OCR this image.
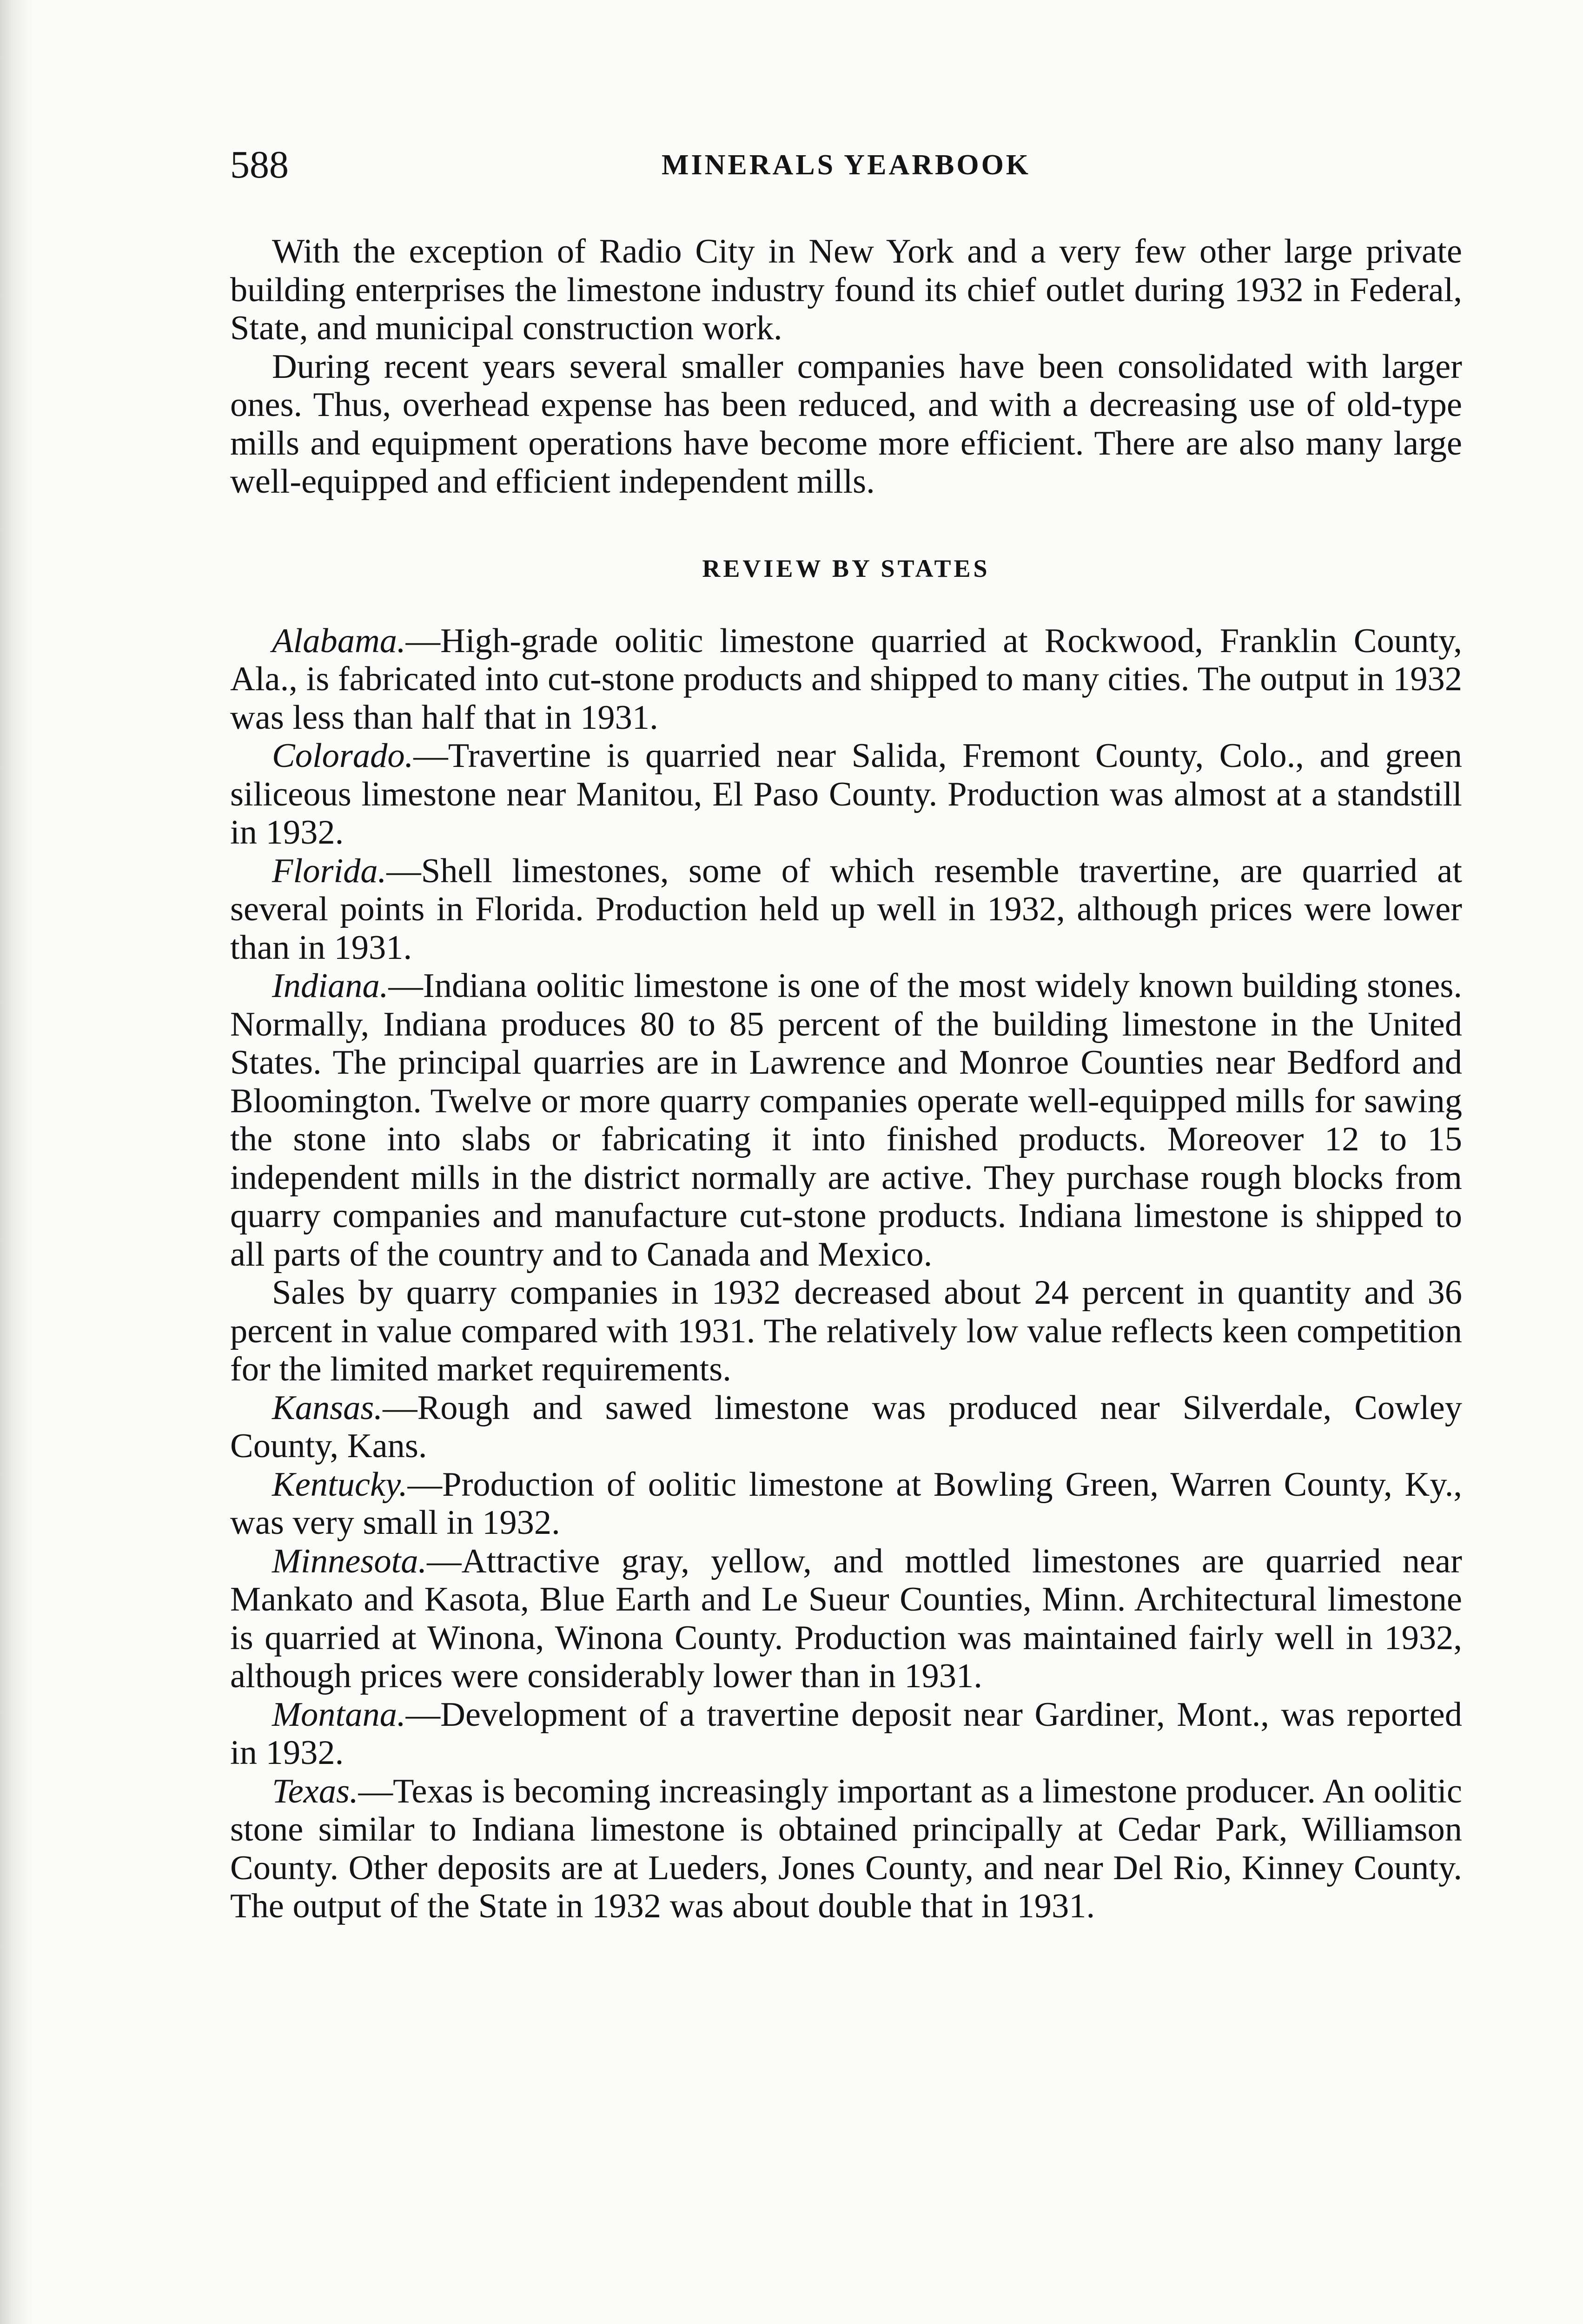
588	MINERALS YEARBOOK

With the exception of Radio City in New York and a very few other large private building enterprises the limestone industry found its chief outlet during 1932 in Federal, State, and municipal construction work.

During recent years several smaller companies have been consolidated with larger ones. Thus, overhead expense has been reduced, and with a decreasing use of old-type mills and equipment operations have become more efficient. There are also many large well-equipped and efficient independent mills.

REVIEW BY STATES

Alabama.—High-grade oolitic limestone quarried at Rockwood, Franklin County, Ala., is fabricated into cut-stone products and shipped to many cities. The output in 1932 was less than half that in 1931.

Colorado.—Travertine is quarried near Salida, Fremont County, Colo., and green siliceous limestone near Manitou, El Paso County. Production was almost at a standstill in 1932.

Florida.—Shell limestones, some of which resemble travertine, are quarried at several points in Florida. Production held up well in 1932, although prices were lower than in 1931.

Indiana.—Indiana oolitic limestone is one of the most widely known building stones. Normally, Indiana produces 80 to 85 percent of the building limestone in the United States. The principal quarries are in Lawrence and Monroe Counties near Bedford and Bloomington. Twelve or more quarry companies operate well-equipped mills for sawing the stone into slabs or fabricating it into finished products. Moreover 12 to 15 independent mills in the district normally are active. They purchase rough blocks from quarry companies and manufacture cut-stone products. Indiana limestone is shipped to all parts of the country and to Canada and Mexico.

Sales by quarry companies in 1932 decreased about 24 percent in quantity and 36 percent in value compared with 1931. The relatively low value reflects keen competition for the limited market requirements.

Kansas.—Rough and sawed limestone was produced near Silverdale, Cowley County, Kans.

Kentucky.—Production of oolitic limestone at Bowling Green, Warren County, Ky., was very small in 1932.

Minnesota.—Attractive gray, yellow, and mottled limestones are quarried near Mankato and Kasota, Blue Earth and Le Sueur Counties, Minn. Architectural limestone is quarried at Winona, Winona County. Production was maintained fairly well in 1932, although prices were considerably lower than in 1931.

Montana.—Development of a travertine deposit near Gardiner, Mont., was reported in 1932.

Texas.—Texas is becoming increasingly important as a limestone producer. An oolitic stone similar to Indiana limestone is obtained principally at Cedar Park, Williamson County. Other deposits are at Lueders, Jones County, and near Del Rio, Kinney County. The output of the State in 1932 was about double that in 1931.
